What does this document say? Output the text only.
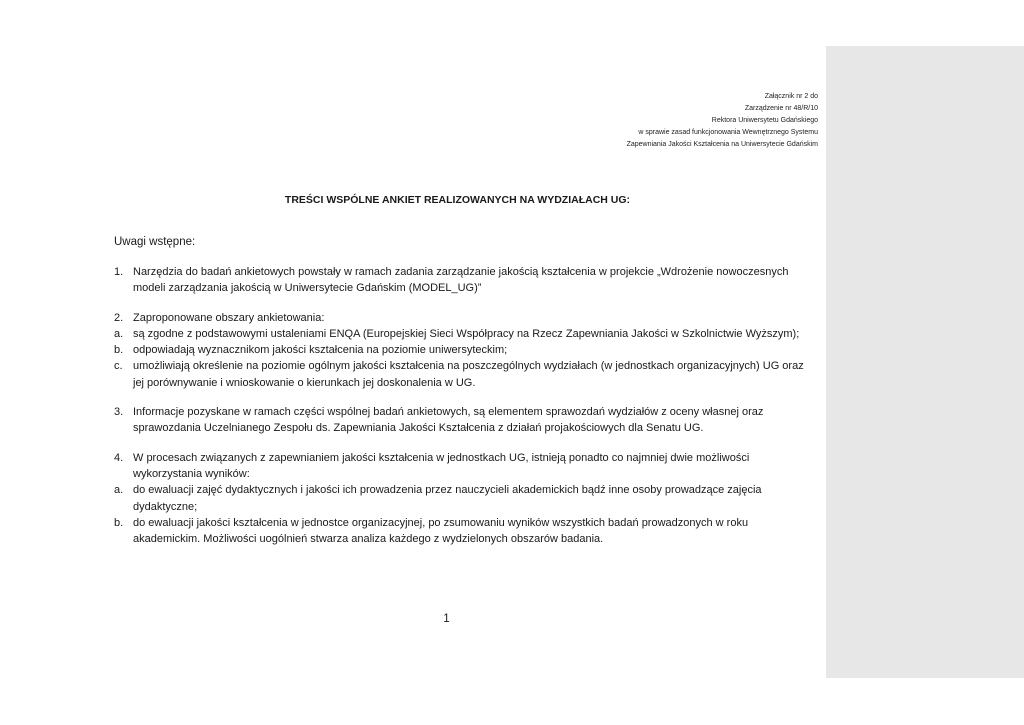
Załącznik nr 2 do
Zarządzenie nr 48/R/10
Rektora Uniwersytetu Gdańskiego
w sprawie zasad funkcjonowania Wewnętrznego Systemu
Zapewniania Jakości Kształcenia na Uniwersytecie Gdańskim
TREŚCI WSPÓLNE ANKIET REALIZOWANYCH NA WYDZIAŁACH UG:
Uwagi wstępne:
1. Narzędzia do badań ankietowych powstały w ramach zadania zarządzanie jakością kształcenia w projekcie „Wdrożenie nowoczesnych modeli zarządzania jakością w Uniwersytecie Gdańskim (MODEL_UG)”
2. Zaproponowane obszary ankietowania:
a. są zgodne z podstawowymi ustaleniami ENQA (Europejskiej Sieci Współpracy na Rzecz Zapewniania Jakości w Szkolnictwie Wyższym);
b. odpowiadają wyznacznikom jakości kształcenia na poziomie uniwersyteckim;
c. umożliwiają określenie na poziomie ogólnym jakości kształcenia na poszczególnych wydziałach (w jednostkach organizacyjnych) UG oraz jej porównywanie i wnioskowanie o kierunkach jej doskonalenia w UG.
3. Informacje pozyskane w ramach części wspólnej badań ankietowych, są elementem sprawozdań wydziałów z oceny własnej oraz sprawozdania Uczelnianego Zespołu ds. Zapewniania Jakości Kształcenia z działań projakościowych dla Senatu UG.
4. W procesach związanych z zapewnianiem jakości kształcenia w jednostkach UG, istnieją ponadto co najmniej dwie możliwości wykorzystania wyników:
a. do ewaluacji zajęć dydaktycznych i jakości ich prowadzenia przez nauczycieli akademickich bądź inne osoby prowadzące zajęcia dydaktyczne;
b. do ewaluacji jakości kształcenia w jednostce organizacyjnej, po zsumowaniu wyników wszystkich badań prowadzonych w roku akademickim. Możliwości uogólnień stwarza analiza każdego z wydzielonych obszarów badania.
1
